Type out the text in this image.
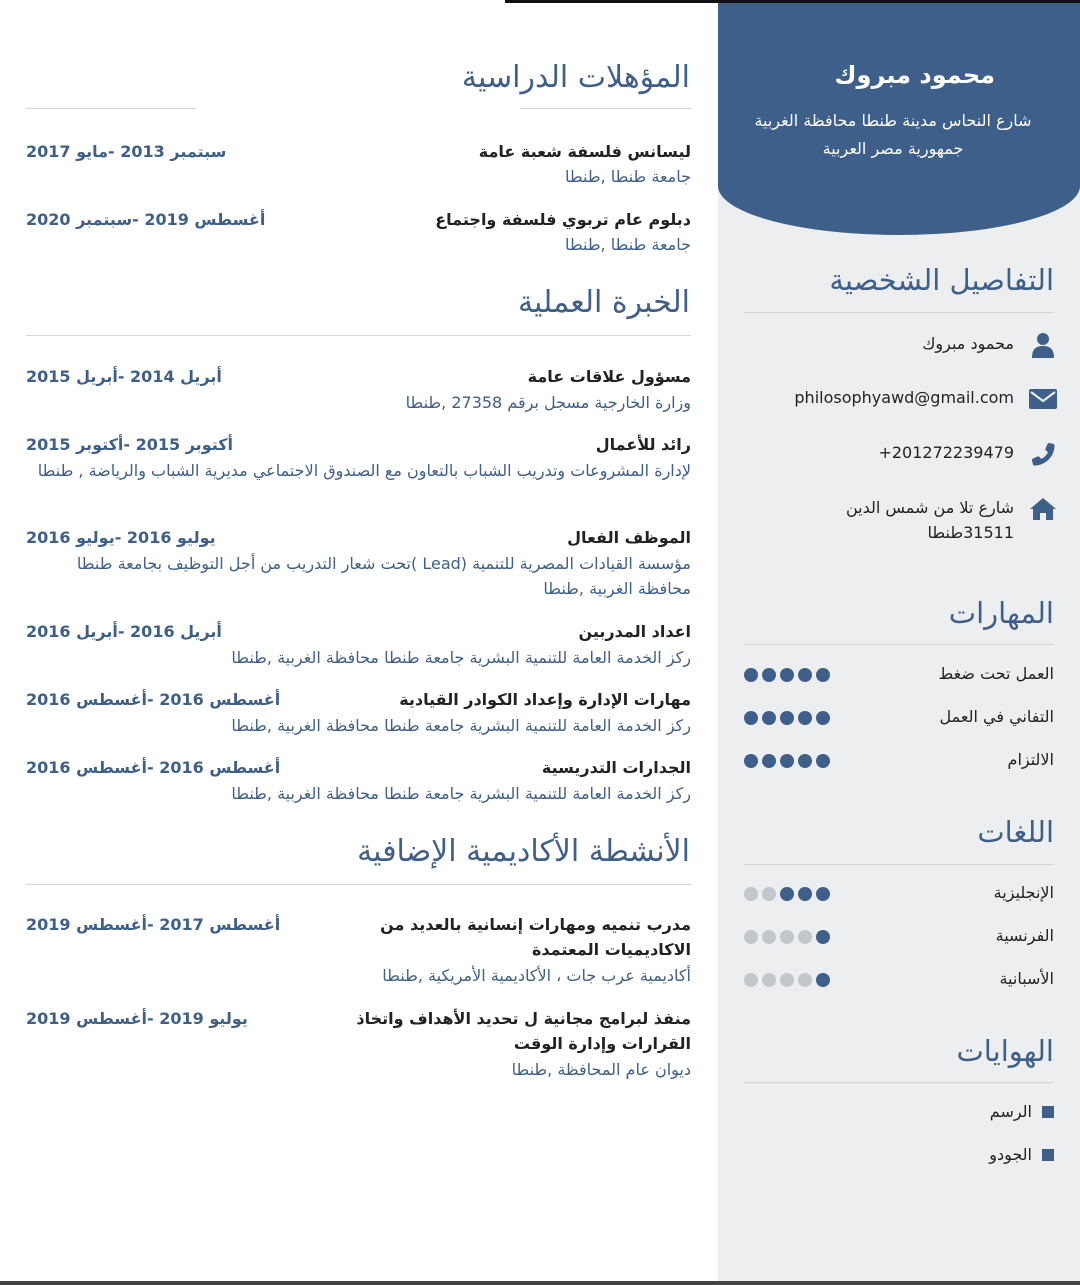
محمود مبروك
شارع النحاس مدينة طنطا محافظة الغربية جمهورية مصر العربية
التفاصيل الشخصية
محمود مبروك
philosophyawd@gmail.com
201272239479+
شارع تلا من شمس الدين 31511طنطا
المهارات
العمل تحت ضغط
التفاني في العمل
الالتزام
اللغات
الإنجليزية
الفرنسية
الأسبانية
الهوايات
الرسم
الجودو
المؤهلات الدراسية
ليسانس فلسفة شعبة عامة
جامعة طنطا ,طنطا
سبتمبر 2013 -مايو 2017
دبلوم عام تربوي فلسفة واجتماع
جامعة طنطا ,طنطا
أغسطس 2019 -سبتمبر 2020
الخبرة العملية
مسؤول علاقات عامة
وزارة الخارجية مسجل برقم 27358 ,طنطا
أبريل 2014 -أبريل 2015
رائد للأعمال
لإدارة المشروعات وتدريب الشباب بالتعاون مع الصندوق الاجتماعي مديرية الشباب والرياضة , طنطا
أكتوبر 2015 -أكتوبر 2015
الموظف الفعال
مؤسسة القيادات المصرية للتنمية (Lead )تحت شعار التدريب من أجل التوظيف بجامعة طنطا محافظة الغربية ,طنطا
يوليو 2016 -يوليو 2016
اعداد المدربين
ركز الخدمة العامة للتنمية البشرية جامعة طنطا محافظة الغربية ,طنطا
أبريل 2016 -أبريل 2016
مهارات الإدارة وإعداد الكوادر القيادية
ركز الخدمة العامة للتنمية البشرية جامعة طنطا محافظة الغربية ,طنطا
أغسطس 2016 -أغسطس 2016
الجدارات التدريسية
ركز الخدمة العامة للتنمية البشرية جامعة طنطا محافظة الغربية ,طنطا
أغسطس 2016 -أغسطس 2016
الأنشطة الأكاديمية الإضافية
مدرب تنميه ومهارات إنسانية بالعديد من الاكاديميات المعتمدة
أكاديمية عرب جات ، الأكاديمية الأمريكية ,طنطا
أغسطس 2017 -أغسطس 2019
منفذ لبرامج مجانية ل تحديد الأهداف واتخاذ القرارات وإدارة الوقت
ديوان عام المحافظة ,طنطا
يوليو 2019 -أغسطس 2019
